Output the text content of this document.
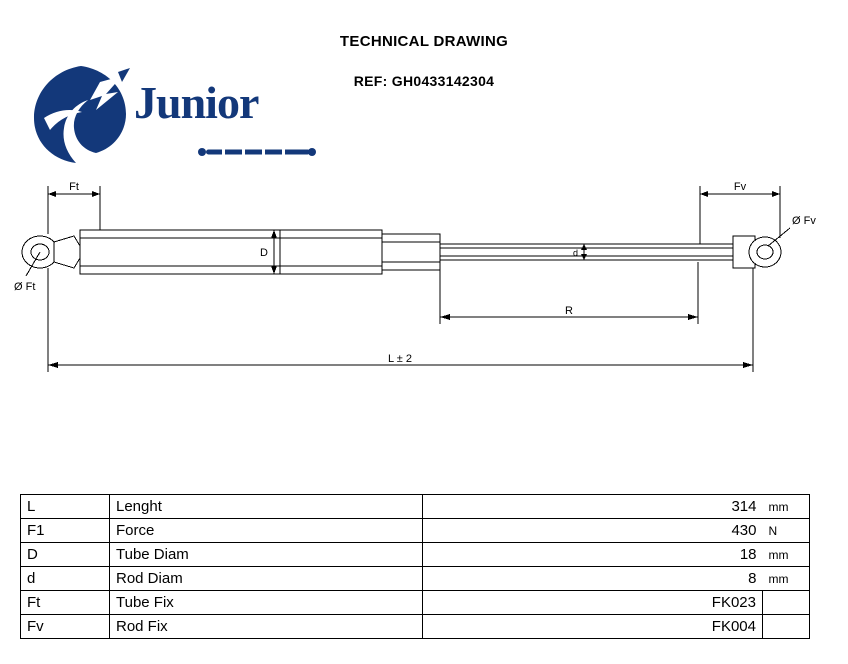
TECHNICAL DRAWING
REF: GH0433142304
Junior
Ft
Ø Ft
Fv
Ø Fv
D	d
R
L ± 2
L	Lenght	314	mm
F1	Force	430	N
D	Tube Diam	18	mm
d	Rod Diam	8	mm
Ft	Tube Fix	FK023	
Fv	Rod Fix	FK004	
